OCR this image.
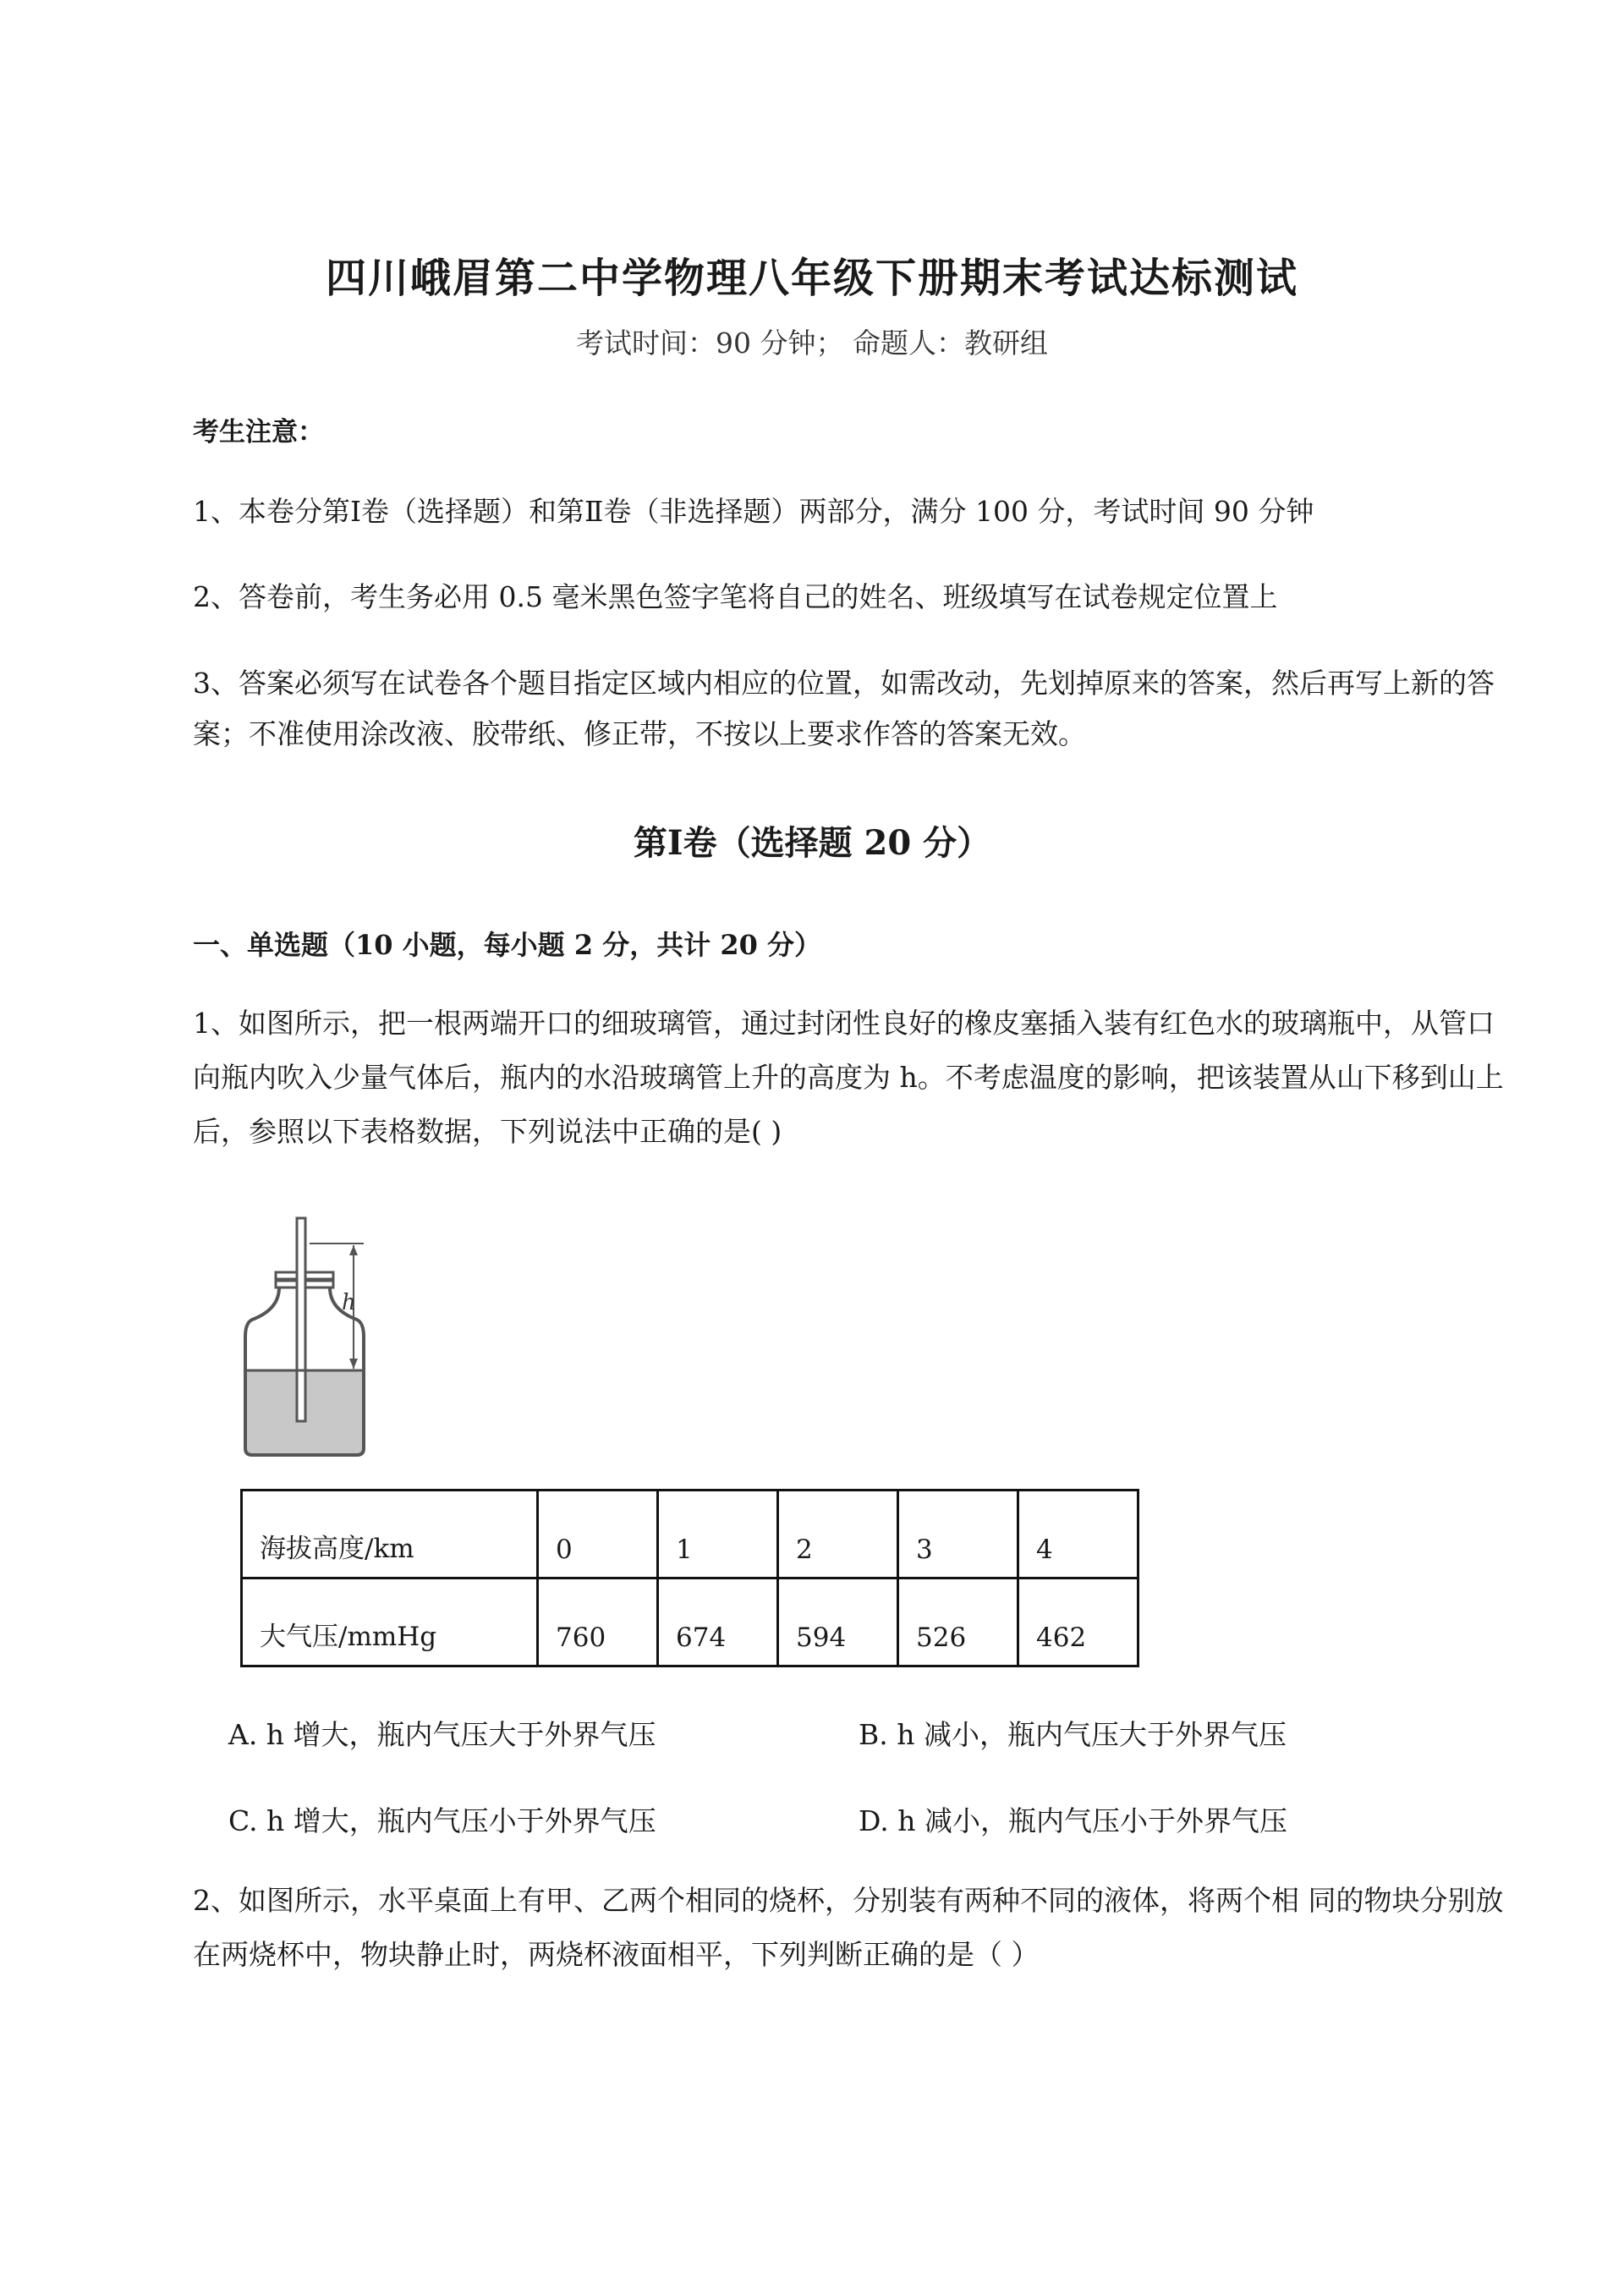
四川峨眉第二中学物理八年级下册期末考试达标测试
考试时间：90 分钟； 命题人：教研组
考生注意：
1、本卷分第Ⅰ卷（选择题）和第Ⅱ卷（非选择题）两部分，满分 100 分，考试时间 90 分钟
2、答卷前，考生务必用 0.5 毫米黑色签字笔将自己的姓名、班级填写在试卷规定位置上
3、答案必须写在试卷各个题目指定区域内相应的位置，如需改动，先划掉原来的答案，然后再写上新的答案；不准使用涂改液、胶带纸、修正带，不按以上要求作答的答案无效。
第Ⅰ卷（选择题 20 分）
一、单选题（10 小题，每小题 2 分，共计 20 分）
1、如图所示，把一根两端开口的细玻璃管，通过封闭性良好的橡皮塞插入装有红色水的玻璃瓶中，从管口向瓶内吹入少量气体后，瓶内的水沿玻璃管上升的高度为 h。不考虑温度的影响，把该装置从山下移到山上后，参照以下表格数据，下列说法中正确的是( )
h
海拔高度/km	0	1	2	3	4
大气压/mmHg	760	674	594	526	462
A. h 增大，瓶内气压大于外界气压	B. h 减小，瓶内气压大于外界气压
C. h 增大，瓶内气压小于外界气压	D. h 减小，瓶内气压小于外界气压
2、如图所示，水平桌面上有甲、乙两个相同的烧杯，分别装有两种不同的液体，将两个相 同的物块分别放在两烧杯中，物块静止时，两烧杯液面相平，下列判断正确的是（ ）
